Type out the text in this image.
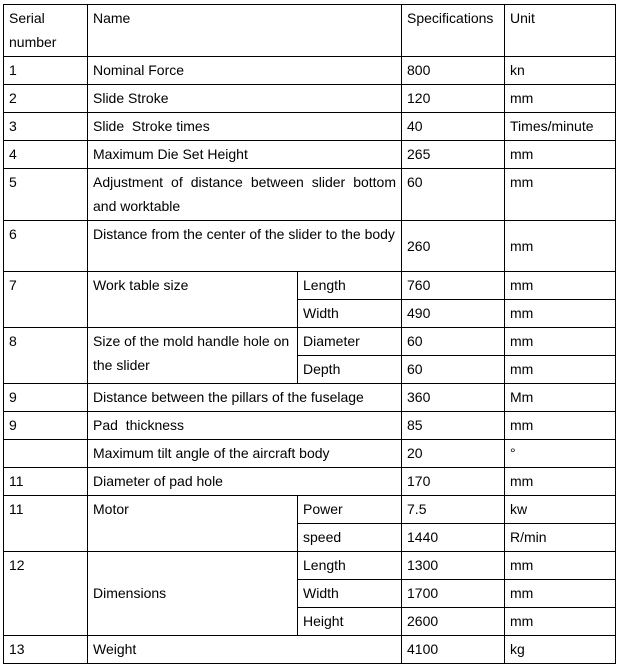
Serial number	Name		Specifications	Unit
1	Nominal Force		800	kn
2	Slide Stroke		120	mm
3	Slide  Stroke times		40	Times/minute
4	Maximum Die Set Height		265	mm
5	Adjustment of distance between slider bottom and worktable		60	mm
6	Distance from the center of the slider to the body		260	mm
7	Work table size	Length	760	mm
		Width	490	mm
8	Size of the mold handle hole on the slider	Diameter	60	mm
		Depth	60	mm
9	Distance between the pillars of the fuselage		360	Mm
9	Pad  thickness		85	mm
	Maximum tilt angle of the aircraft body		20	°
11	Diameter of pad hole		170	mm
11	Motor	Power	7.5	kw
		speed	1440	R/min
12	Dimensions	Length	1300	mm
		Width	1700	mm
		Height	2600	mm
13	Weight		4100	kg
